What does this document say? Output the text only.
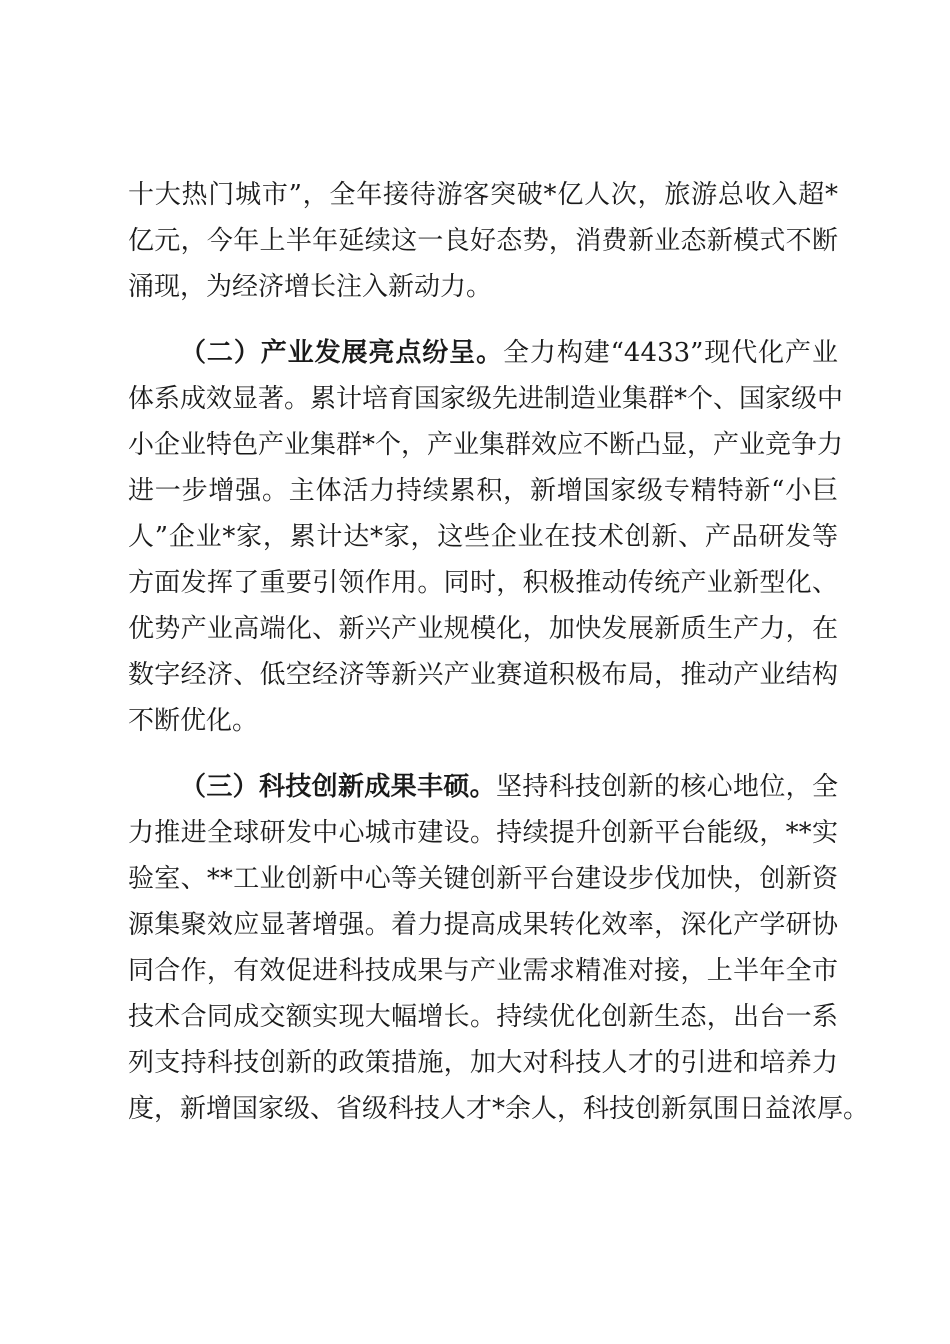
十大热门城市”，全年接待游客突破*亿人次，旅游总收入超*
亿元，今年上半年延续这一良好态势，消费新业态新模式不断
涌现，为经济增长注入新动力。
（二）产业发展亮点纷呈。全力构建“4433”现代化产业
体系成效显著。累计培育国家级先进制造业集群*个、国家级中
小企业特色产业集群*个，产业集群效应不断凸显，产业竞争力
进一步增强。主体活力持续累积，新增国家级专精特新“小巨
人”企业*家，累计达*家，这些企业在技术创新、产品研发等
方面发挥了重要引领作用。同时，积极推动传统产业新型化、
优势产业高端化、新兴产业规模化，加快发展新质生产力，在
数字经济、低空经济等新兴产业赛道积极布局，推动产业结构
不断优化。
（三）科技创新成果丰硕。坚持科技创新的核心地位，全
力推进全球研发中心城市建设。持续提升创新平台能级，**实
验室、**工业创新中心等关键创新平台建设步伐加快，创新资
源集聚效应显著增强。着力提高成果转化效率，深化产学研协
同合作，有效促进科技成果与产业需求精准对接，上半年全市
技术合同成交额实现大幅增长。持续优化创新生态，出台一系
列支持科技创新的政策措施，加大对科技人才的引进和培养力
度，新增国家级、省级科技人才*余人，科技创新氛围日益浓厚。
